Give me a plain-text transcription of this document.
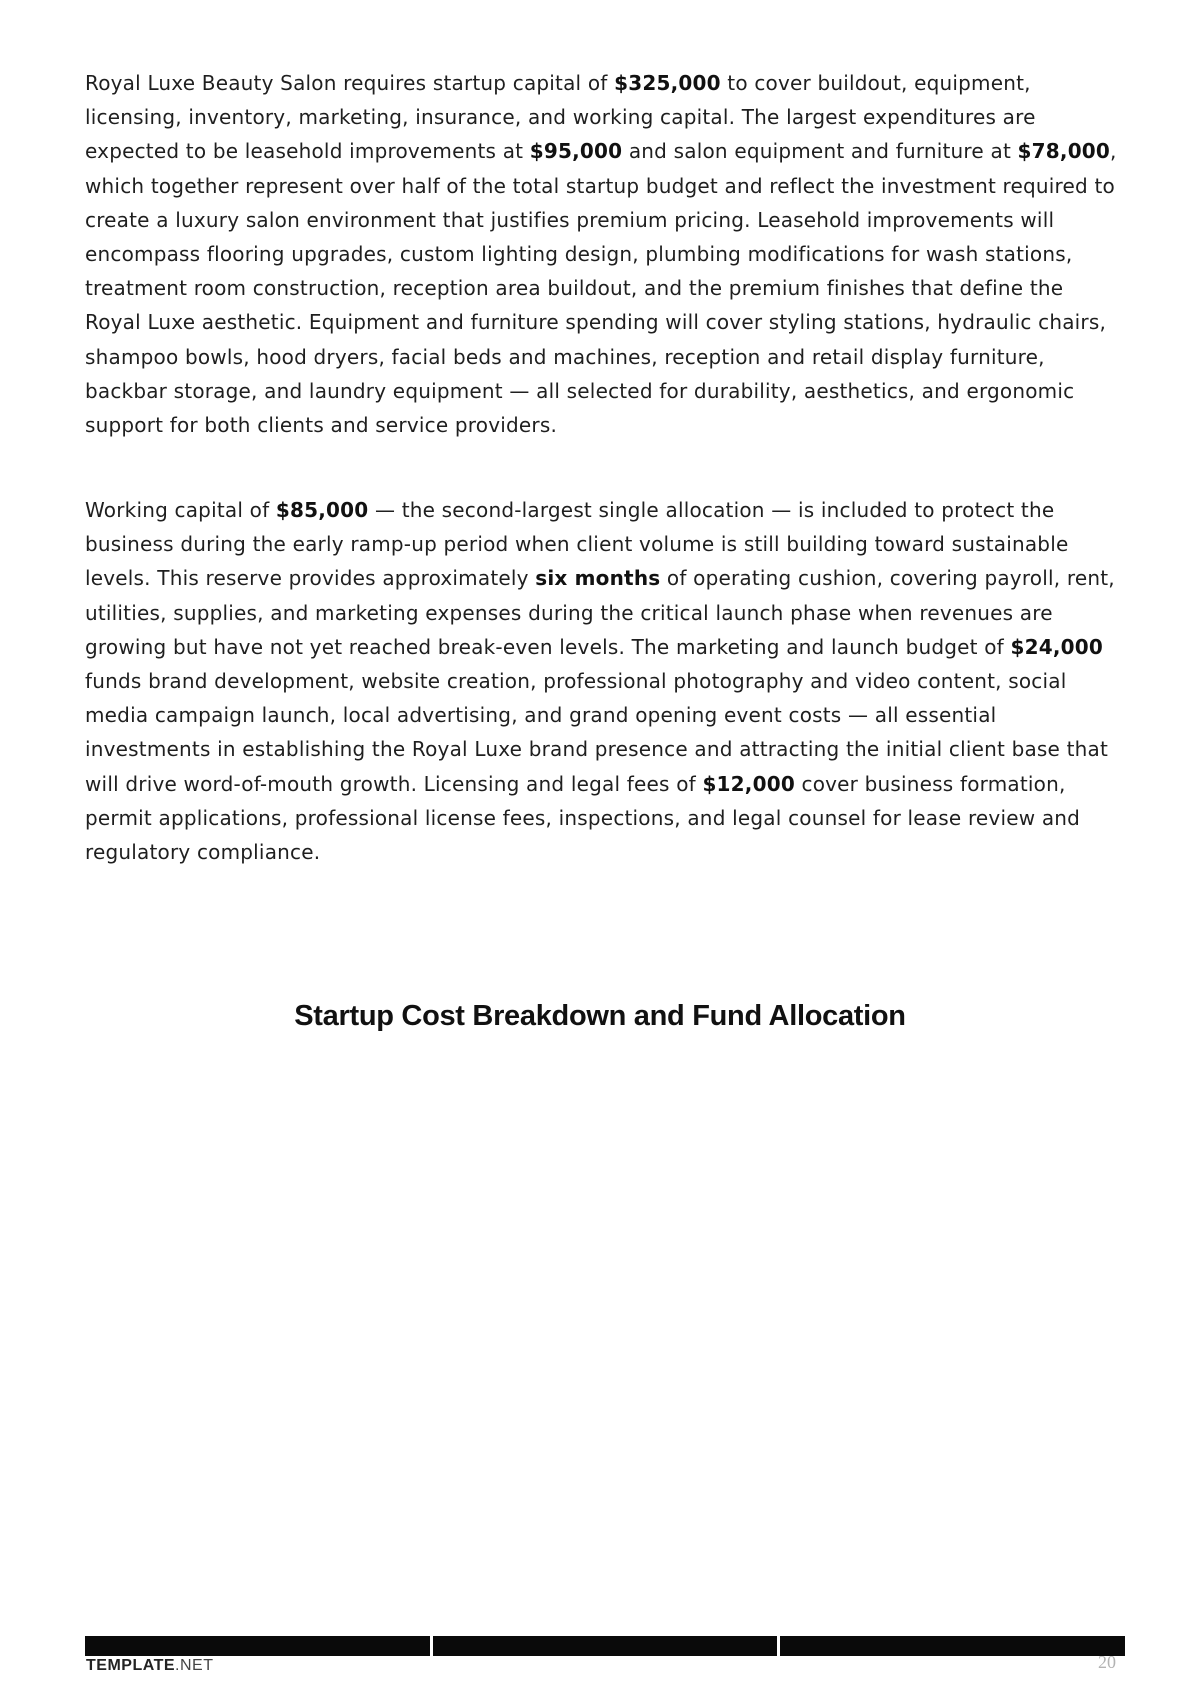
Royal Luxe Beauty Salon requires startup capital of $325,000 to cover buildout, equipment, licensing, inventory, marketing, insurance, and working capital. The largest expenditures are expected to be leasehold improvements at $95,000 and salon equipment and furniture at $78,000, which together represent over half of the total startup budget and reflect the investment required to create a luxury salon environment that justifies premium pricing. Leasehold improvements will encompass flooring upgrades, custom lighting design, plumbing modifications for wash stations, treatment room construction, reception area buildout, and the premium finishes that define the Royal Luxe aesthetic. Equipment and furniture spending will cover styling stations, hydraulic chairs, shampoo bowls, hood dryers, facial beds and machines, reception and retail display furniture, backbar storage, and laundry equipment — all selected for durability, aesthetics, and ergonomic support for both clients and service providers.

Working capital of $85,000 — the second-largest single allocation — is included to protect the business during the early ramp-up period when client volume is still building toward sustainable levels. This reserve provides approximately six months of operating cushion, covering payroll, rent, utilities, supplies, and marketing expenses during the critical launch phase when revenues are growing but have not yet reached break-even levels. The marketing and launch budget of $24,000 funds brand development, website creation, professional photography and video content, social media campaign launch, local advertising, and grand opening event costs — all essential investments in establishing the Royal Luxe brand presence and attracting the initial client base that will drive word-of-mouth growth. Licensing and legal fees of $12,000 cover business formation, permit applications, professional license fees, inspections, and legal counsel for lease review and regulatory compliance.

Startup Cost Breakdown and Fund Allocation
TEMPLATE.NET	20
